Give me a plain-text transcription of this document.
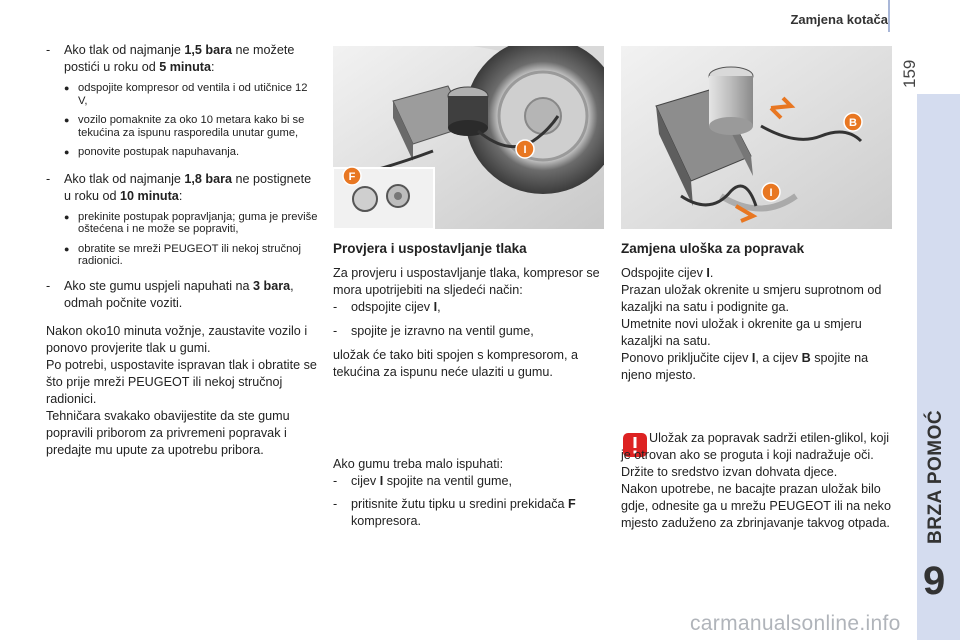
Zamjena kotača
159
BRZA POMOĆ
9

- Ako tlak od najmanje 1,5 bara ne možete postići u roku od 5 minuta:

● odspojite kompresor od ventila i od utičnice 12 V,
● vozilo pomaknite za oko 10 metara kako bi se tekućina za ispunu rasporedila unutar gume,
● ponovite postupak napuhavanja.

- Ako tlak od najmanje 1,8 bara ne postignete u roku od 10 minuta:

● prekinite postupak popravljanja; guma je previše oštećena i ne može se popraviti,
● obratite se mreži PEUGEOT ili nekoj stručnoj radionici.

- Ako ste gumu uspjeli napuhati na 3 bara, odmah počnite voziti.

Nakon oko10 minuta vožnje, zaustavite vozilo i ponovo provjerite tlak u gumi.

Po potrebi, uspostavite ispravan tlak i obratite se što prije mreži PEUGEOT ili nekoj stručnoj radionici.

Tehničara svakako obavijestite da ste gumu popravili priborom za privremeni popravak i predajte mu upute za upotrebu pribora.

I
F
Provjera i uspostavljanje tlaka

Za provjeru i uspostavljanje tlaka, kompresor se mora upotrijebiti na sljedeći način:

- odspojite cijev I,

- spojite je izravno na ventil gume,

uložak će tako biti spojen s kompresorom, a tekućina za ispunu neće ulaziti u gumu.

Ako gumu treba malo ispuhati:

- cijev I spojite na ventil gume,

- pritisnite žutu tipku u sredini prekidača F kompresora.

B
I
Zamjena uloška za popravak

Odspojite cijev I.

Prazan uložak okrenite u smjeru suprotnom od kazaljki na satu i podignite ga.

Umetnite novi uložak i okrenite ga u smjeru kazaljki na satu.

Ponovo priključite cijev I, a cijev B spojite na njeno mjesto.

Uložak za popravak sadrži etilen-glikol, koji je otrovan ako se proguta i koji nadražuje oči.

Držite to sredstvo izvan dohvata djece.

Nakon upotrebe, ne bacajte prazan uložak bilo gdje, odnesite ga u mrežu PEUGEOT ili na neko mjesto zaduženo za zbrinjavanje takvog otpada.

carmanualsonline.info
